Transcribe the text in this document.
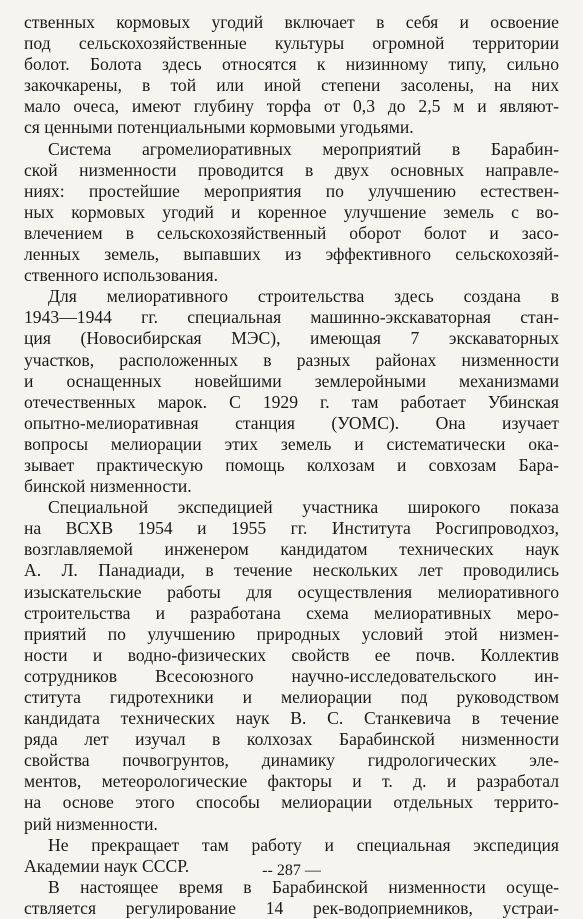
ственных кормовых угодий включает в себя и освоение
под сельскохозяйственные культуры огромной территории
болот. Болота здесь относятся к низинному типу, сильно
закочкарены, в той или иной степени засолены, на них
мало очеса, имеют глубину торфа от 0,3 до 2,5 м и являют-
ся ценными потенциальными кормовыми угодьями.
Система агромелиоративных мероприятий в Барабин-
ской низменности проводится в двух основных направле-
ниях: простейшие мероприятия по улучшению естествен-
ных кормовых угодий и коренное улучшение земель с во-
влечением в сельскохозяйственный оборот болот и засо-
ленных земель, выпавших из эффективного сельскохозяй-
ственного использования.
Для мелиоративного строительства здесь создана в
1943—1944 гг. специальная машинно-экскаваторная стан-
ция (Новосибирская МЭС), имеющая 7 экскаваторных
участков, расположенных в разных районах низменности
и оснащенных новейшими землеройными механизмами
отечественных марок. С 1929 г. там работает Убинская
опытно-мелиоративная станция (УОМС). Она изучает
вопросы мелиорации этих земель и систематически ока-
зывает практическую помощь колхозам и совхозам Бара-
бинской низменности.
Специальной экспедицией участника широкого показа
на ВСХВ 1954 и 1955 гг. Института Росгипроводхоз,
возглавляемой инженером кандидатом технических наук
А. Л. Панадиади, в течение нескольких лет проводились
изыскательские работы для осуществления мелиоративного
строительства и разработана схема мелиоративных меро-
приятий по улучшению природных условий этой низмен-
ности и водно-физических свойств ее почв. Коллектив
сотрудников Всесоюзного научно-исследовательского ин-
ститута гидротехники и мелиорации под руководством
кандидата технических наук В. С. Станкевича в течение
ряда лет изучал в колхозах Барабинской низменности
свойства почвогрунтов, динамику гидрологических эле-
ментов, метеорологические факторы и т. д. и разработал
на основе этого способы мелиорации отдельных террито-
рий низменности.
Не прекращает там работу и специальная экспедиция
Академии наук СССР.
В настоящее время в Барабинской низменности осуще-
ствляется регулирование 14 рек-водоприемников, устраи-
-- 287 —
